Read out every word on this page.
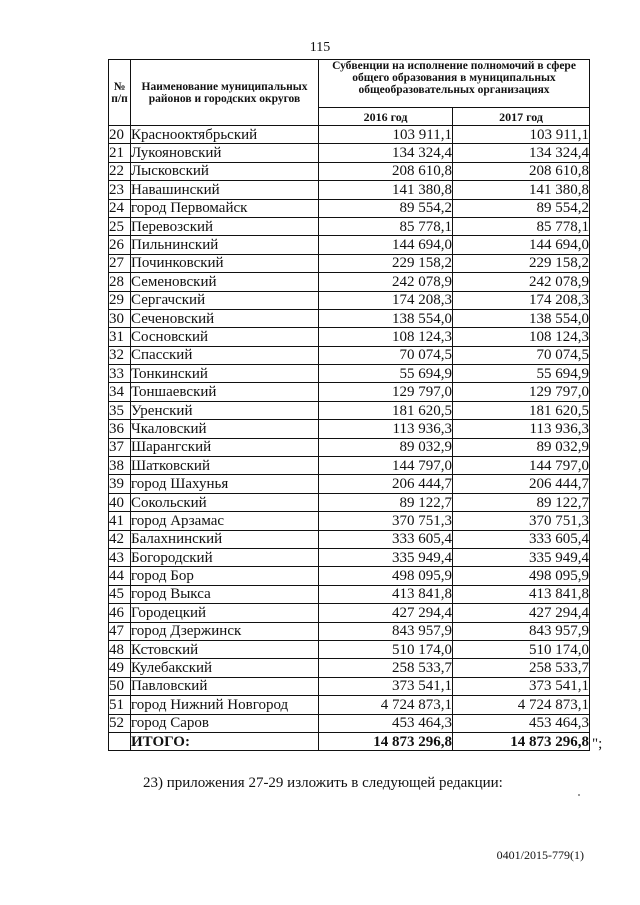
115
№ п/п	Наименование муниципальных районов и городских округов	Субвенции на исполнение полномочий в сфере общего образования в муниципальных общеобразовательных организациях	
		2016 год	2017 год
20	Краснооктябрьский	103 911,1	103 911,1
21	Лукояновский	134 324,4	134 324,4
22	Лысковский	208 610,8	208 610,8
23	Навашинский	141 380,8	141 380,8
24	город Первомайск	89 554,2	89 554,2
25	Перевозский	85 778,1	85 778,1
26	Пильнинский	144 694,0	144 694,0
27	Починковский	229 158,2	229 158,2
28	Семеновский	242 078,9	242 078,9
29	Сергачский	174 208,3	174 208,3
30	Сеченовский	138 554,0	138 554,0
31	Сосновский	108 124,3	108 124,3
32	Спасский	70 074,5	70 074,5
33	Тонкинский	55 694,9	55 694,9
34	Тоншаевский	129 797,0	129 797,0
35	Уренский	181 620,5	181 620,5
36	Чкаловский	113 936,3	113 936,3
37	Шарангский	89 032,9	89 032,9
38	Шатковский	144 797,0	144 797,0
39	город Шахунья	206 444,7	206 444,7
40	Сокольский	89 122,7	89 122,7
41	город Арзамас	370 751,3	370 751,3
42	Балахнинский	333 605,4	333 605,4
43	Богородский	335 949,4	335 949,4
44	город Бор	498 095,9	498 095,9
45	город Выкса	413 841,8	413 841,8
46	Городецкий	427 294,4	427 294,4
47	город Дзержинск	843 957,9	843 957,9
48	Кстовский	510 174,0	510 174,0
49	Кулебакский	258 533,7	258 533,7
50	Павловский	373 541,1	373 541,1
51	город Нижний Новгород	4 724 873,1	4 724 873,1
52	город Саров	453 464,3	453 464,3
	ИТОГО:	14 873 296,8	14 873 296,8 ";
23) приложения 27-29 изложить в следующей редакции:
0401/2015-779(1)
